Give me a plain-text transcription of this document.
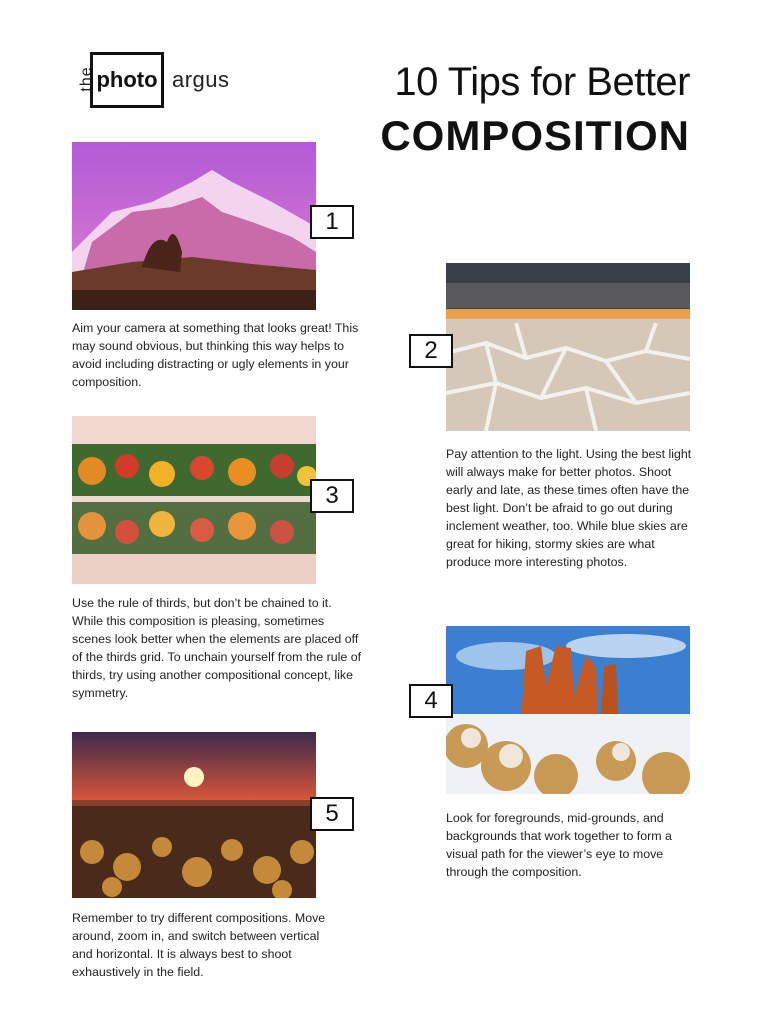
the photo argus	10 Tips for Better
COMPOSITION
1
Aim your camera at something that looks great! This may sound obvious, but thinking this way helps to avoid including distracting or ugly elements in your composition.
2
Pay attention to the light. Using the best light will always make for better photos. Shoot early and late, as these times often have the best light. Don’t be afraid to go out during inclement weather, too. While blue skies are great for hiking, stormy skies are what produce more interesting photos.
3
Use the rule of thirds, but don’t be chained to it. While this composition is pleasing, sometimes scenes look better when the elements are placed off of the thirds grid. To unchain yourself from the rule of thirds, try using another compositional concept, like symmetry.	4
Look for foregrounds, mid-grounds, and backgrounds that work together to form a visual path for the viewer’s eye to move through the composition.
5
Remember to try different compositions. Move around, zoom in, and switch between vertical and horizontal. It is always best to shoot exhaustively in the field.
